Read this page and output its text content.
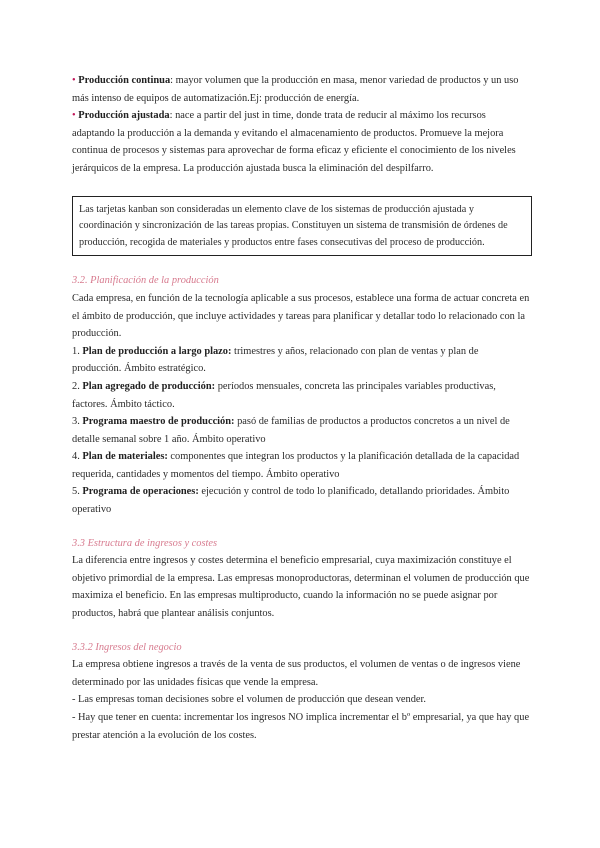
• Producción continua: mayor volumen que la producción en masa, menor variedad de productos y un uso más intenso de equipos de automatización.Ej: producción de energía.

• Producción ajustada: nace a partir del just in time, donde trata de reducir al máximo los recursos adaptando la producción a la demanda y evitando el almacenamiento de productos. Promueve la mejora continua de procesos y sistemas para aprovechar de forma eficaz y eficiente el conocimiento de los niveles jerárquicos de la empresa. La producción ajustada busca la eliminación del despilfarro.

Las tarjetas kanban son consideradas un elemento clave de los sistemas de producción ajustada y coordinación y sincronización de las tareas propias. Constituyen un sistema de transmisión de órdenes de producción, recogida de materiales y productos entre fases consecutivas del proceso de producción.

3.2. Planificación de la producción

Cada empresa, en función de la tecnología aplicable a sus procesos, establece una forma de actuar concreta en el ámbito de producción, que incluye actividades y tareas para planificar y detallar todo lo relacionado con la producción.

1. Plan de producción a largo plazo: trimestres y años, relacionado con plan de ventas y plan de producción. Ámbito estratégico.

2. Plan agregado de producción: períodos mensuales, concreta las principales variables productivas, factores. Ámbito táctico.

3. Programa maestro de producción: pasó de familias de productos a productos concretos a un nivel de detalle semanal sobre 1 año. Ámbito operativo

4. Plan de materiales: componentes que integran los productos y la planificación detallada de la capacidad requerida, cantidades y momentos del tiempo. Ámbito operativo

5. Programa de operaciones: ejecución y control de todo lo planificado, detallando prioridades. Ámbito operativo

3.3 Estructura de ingresos y costes

La diferencia entre ingresos y costes determina el beneficio empresarial, cuya maximización constituye el objetivo primordial de la empresa. Las empresas monoproductoras, determinan el volumen de producción que maximiza el beneficio. En las empresas multiproducto, cuando la información no se puede asignar por productos, habrá que plantear análisis conjuntos.

3.3.2 Ingresos del negocio

La empresa obtiene ingresos a través de la venta de sus productos, el volumen de ventas o de ingresos viene determinado por las unidades físicas que vende la empresa.

- Las empresas toman decisiones sobre el volumen de producción que desean vender.

- Hay que tener en cuenta: incrementar los ingresos NO implica incrementar el bº empresarial, ya que hay que prestar atención a la evolución de los costes.
